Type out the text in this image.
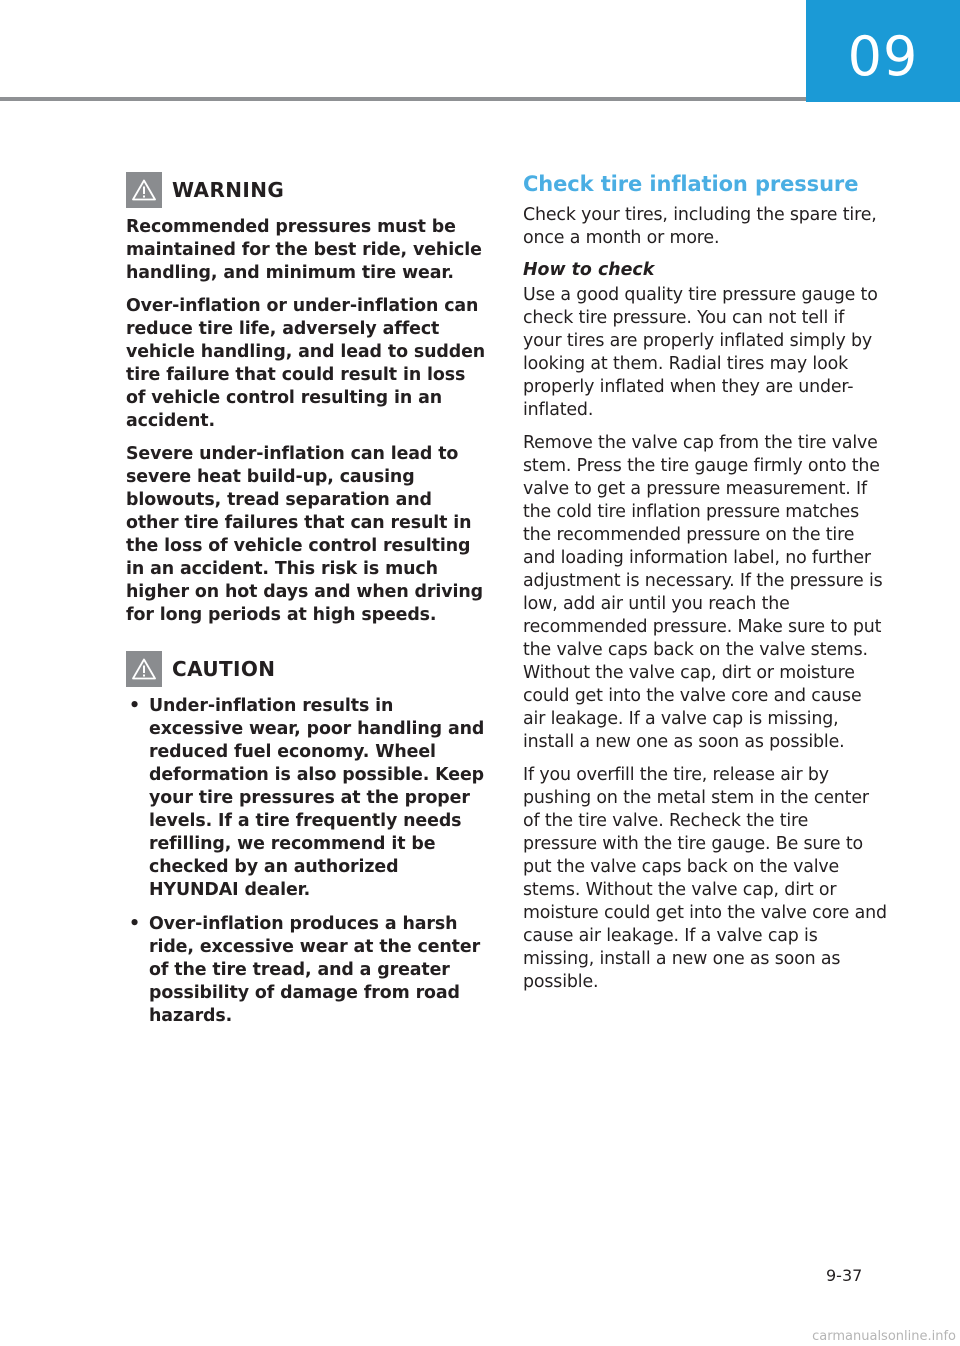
09
WARNING

Recommended pressures must be maintained for the best ride, vehicle handling, and minimum tire wear.

Over-inflation or under-inflation can reduce tire life, adversely affect vehicle handling, and lead to sudden tire failure that could result in loss of vehicle control resulting in an accident.

Severe under-inflation can lead to severe heat build-up, causing blowouts, tread separation and other tire failures that can result in the loss of vehicle control resulting in an accident. This risk is much higher on hot days and when driving for long periods at high speeds.

CAUTION
• Under-inflation results in excessive wear, poor handling and reduced fuel economy. Wheel deformation is also possible. Keep your tire pressures at the proper levels. If a tire frequently needs refilling, we recommend it be checked by an authorized HYUNDAI dealer.
• Over-inflation produces a harsh ride, excessive wear at the center of the tire tread, and a greater possibility of damage from road hazards.
Check tire inflation pressure

Check your tires, including the spare tire, once a month or more.

How to check

Use a good quality tire pressure gauge to check tire pressure. You can not tell if your tires are properly inflated simply by looking at them. Radial tires may look properly inflated when they are under-inflated.

Remove the valve cap from the tire valve stem. Press the tire gauge firmly onto the valve to get a pressure measurement. If the cold tire inflation pressure matches the recommended pressure on the tire and loading information label, no further adjustment is necessary. If the pressure is low, add air until you reach the recommended pressure. Make sure to put the valve caps back on the valve stems. Without the valve cap, dirt or moisture could get into the valve core and cause air leakage. If a valve cap is missing, install a new one as soon as possible.

If you overfill the tire, release air by pushing on the metal stem in the center of the tire valve. Recheck the tire pressure with the tire gauge. Be sure to put the valve caps back on the valve stems. Without the valve cap, dirt or moisture could get into the valve core and cause air leakage. If a valve cap is missing, install a new one as soon as possible.

9-37
carmanualsonline.info
